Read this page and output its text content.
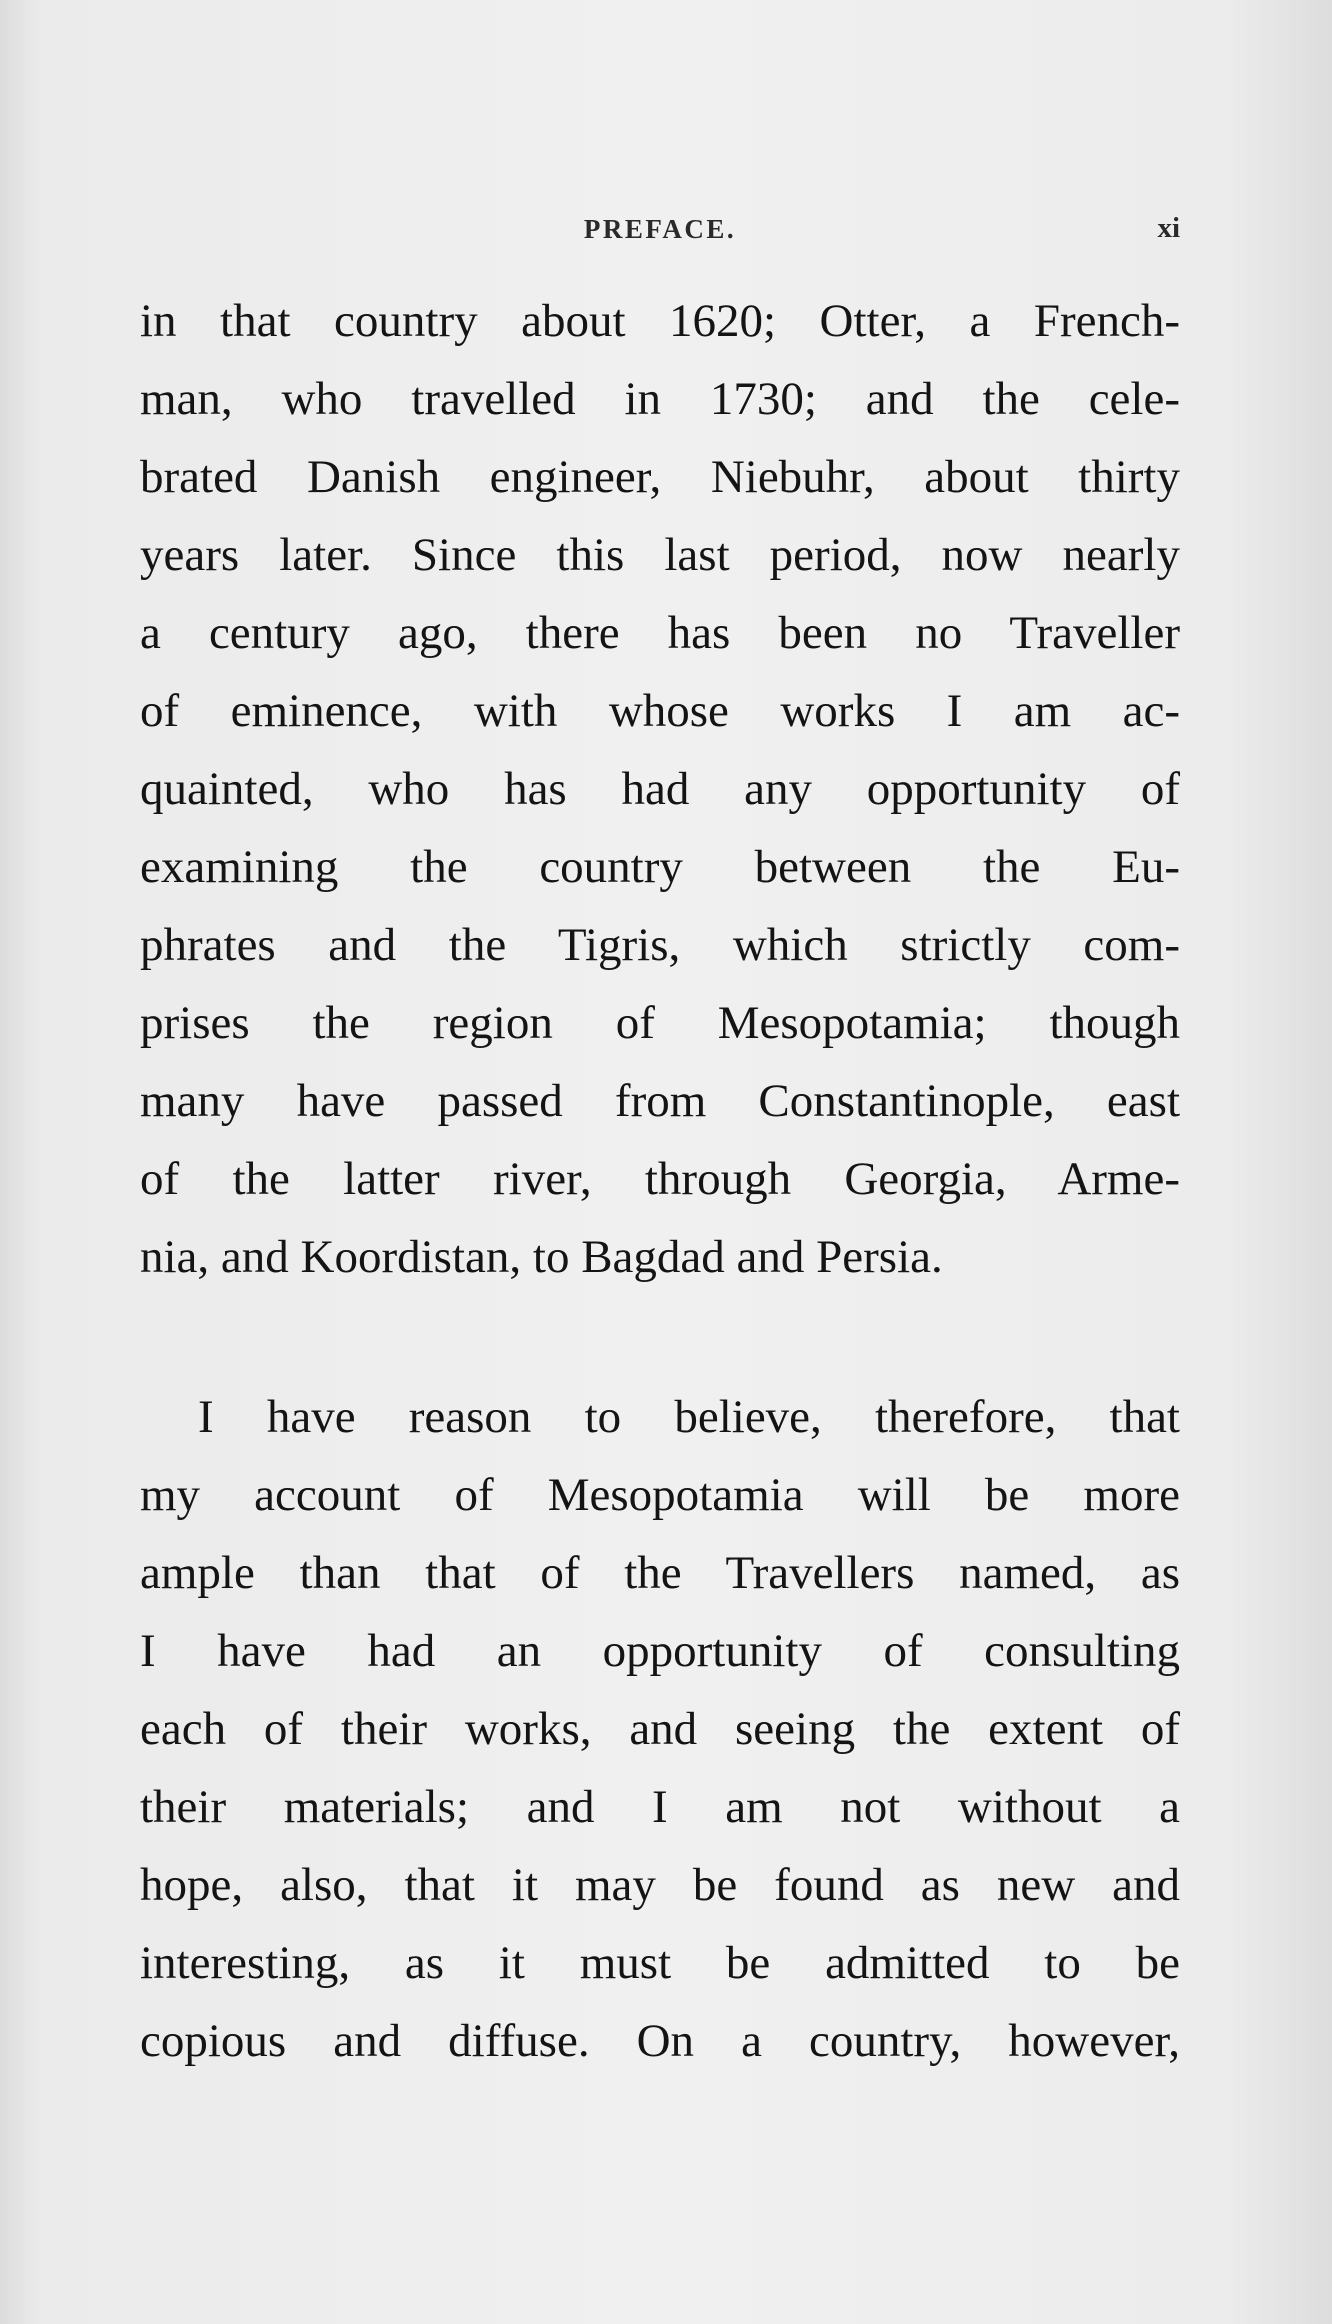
PREFACE.	xi
in that country about 1620; Otter, a French-
man, who travelled in 1730; and the cele-
brated Danish engineer, Niebuhr, about thirty
years later. Since this last period, now nearly
a century ago, there has been no Traveller
of eminence, with whose works I am ac-
quainted, who has had any opportunity of
examining the country between the Eu-
phrates and the Tigris, which strictly com-
prises the region of Mesopotamia; though
many have passed from Constantinople, east
of the latter river, through Georgia, Arme-
nia, and Koordistan, to Bagdad and Persia.
I have reason to believe, therefore, that
my account of Mesopotamia will be more
ample than that of the Travellers named, as
I have had an opportunity of consulting
each of their works, and seeing the extent of
their materials; and I am not without a
hope, also, that it may be found as new and
interesting, as it must be admitted to be
copious and diffuse. On a country, however,
